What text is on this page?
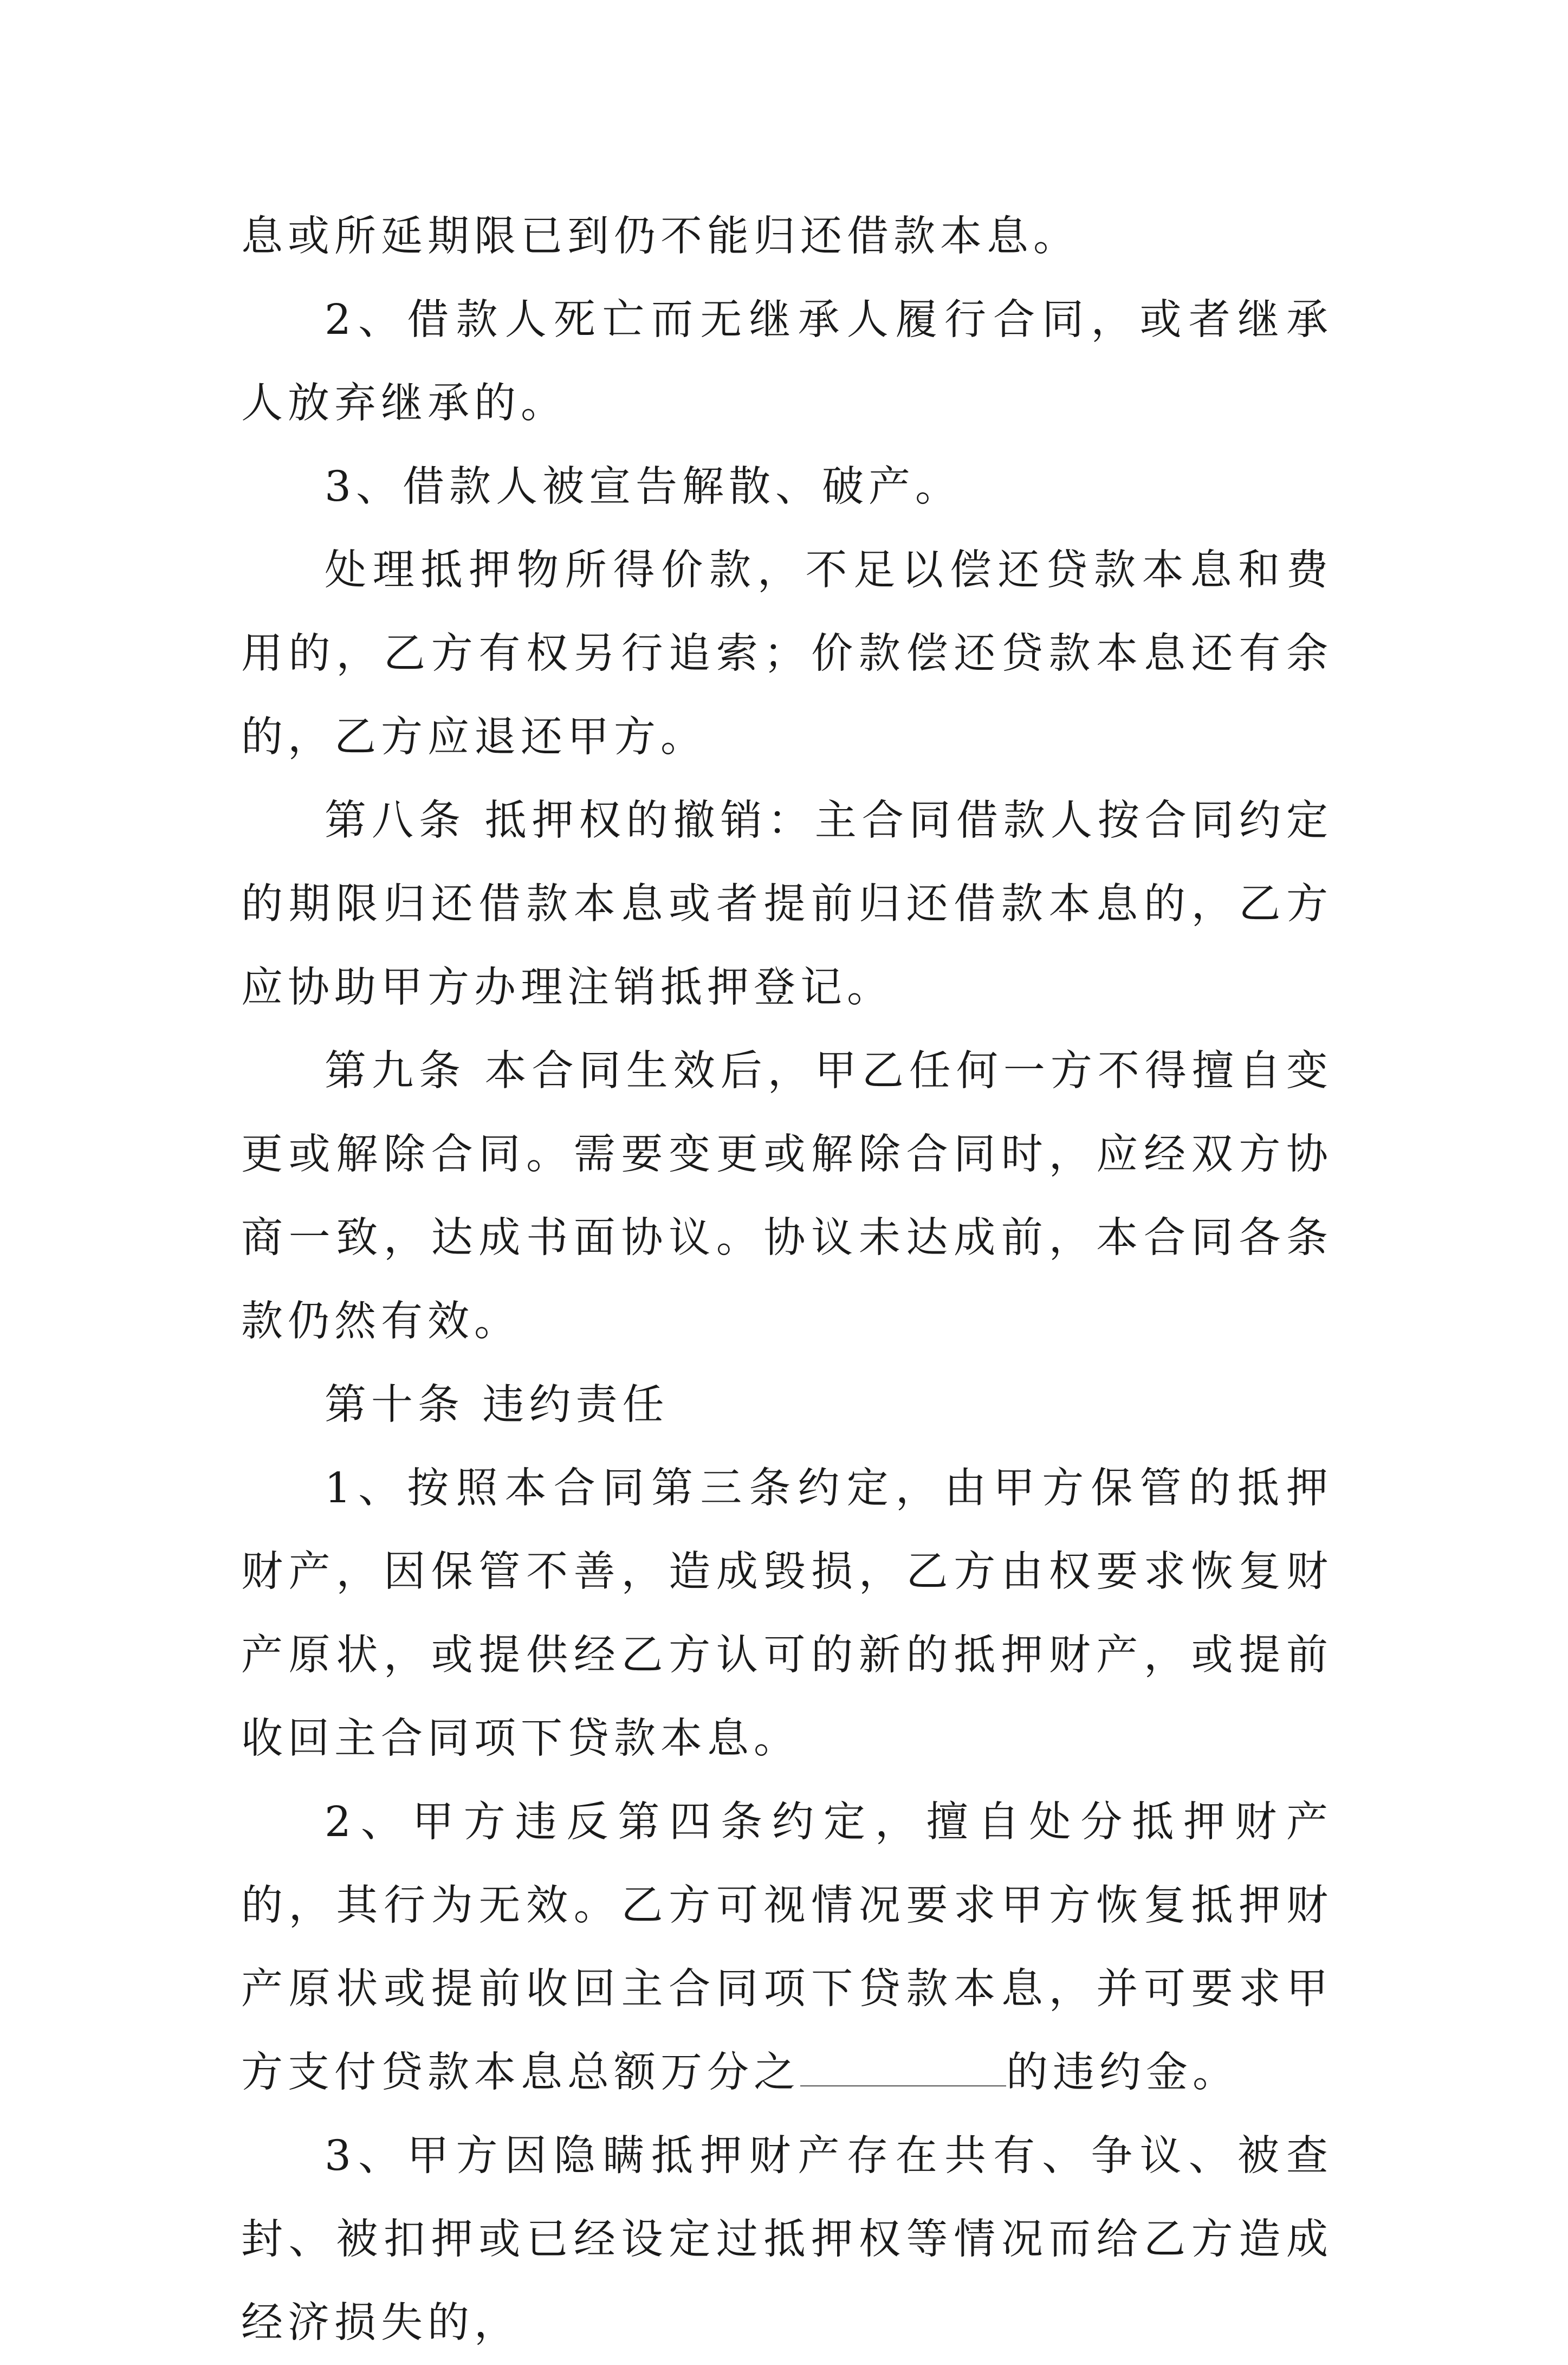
息或所延期限已到仍不能归还借款本息。

2、借款人死亡而无继承人履行合同，或者继承人放弃继承的。

3、借款人被宣告解散、破产。

处理抵押物所得价款，不足以偿还贷款本息和费用的，乙方有权另行追索；价款偿还贷款本息还有余的，乙方应退还甲方。

第八条 抵押权的撤销：主合同借款人按合同约定的期限归还借款本息或者提前归还借款本息的，乙方应协助甲方办理注销抵押登记。

第九条 本合同生效后，甲乙任何一方不得擅自变更或解除合同。需要变更或解除合同时，应经双方协商一致，达成书面协议。协议未达成前，本合同各条款仍然有效。

第十条 违约责任

1、按照本合同第三条约定，由甲方保管的抵押财产，因保管不善，造成毁损，乙方由权要求恢复财产原状，或提供经乙方认可的新的抵押财产，或提前收回主合同项下贷款本息。

2、甲方违反第四条约定，擅自处分抵押财产的，其行为无效。乙方可视情况要求甲方恢复抵押财产原状或提前收回主合同项下贷款本息，并可要求甲方支付贷款本息总额万分之	的违约金。

3、甲方因隐瞒抵押财产存在共有、争议、被查封、被扣押或已经设定过抵押权等情况而给乙方造成经济损失的，
